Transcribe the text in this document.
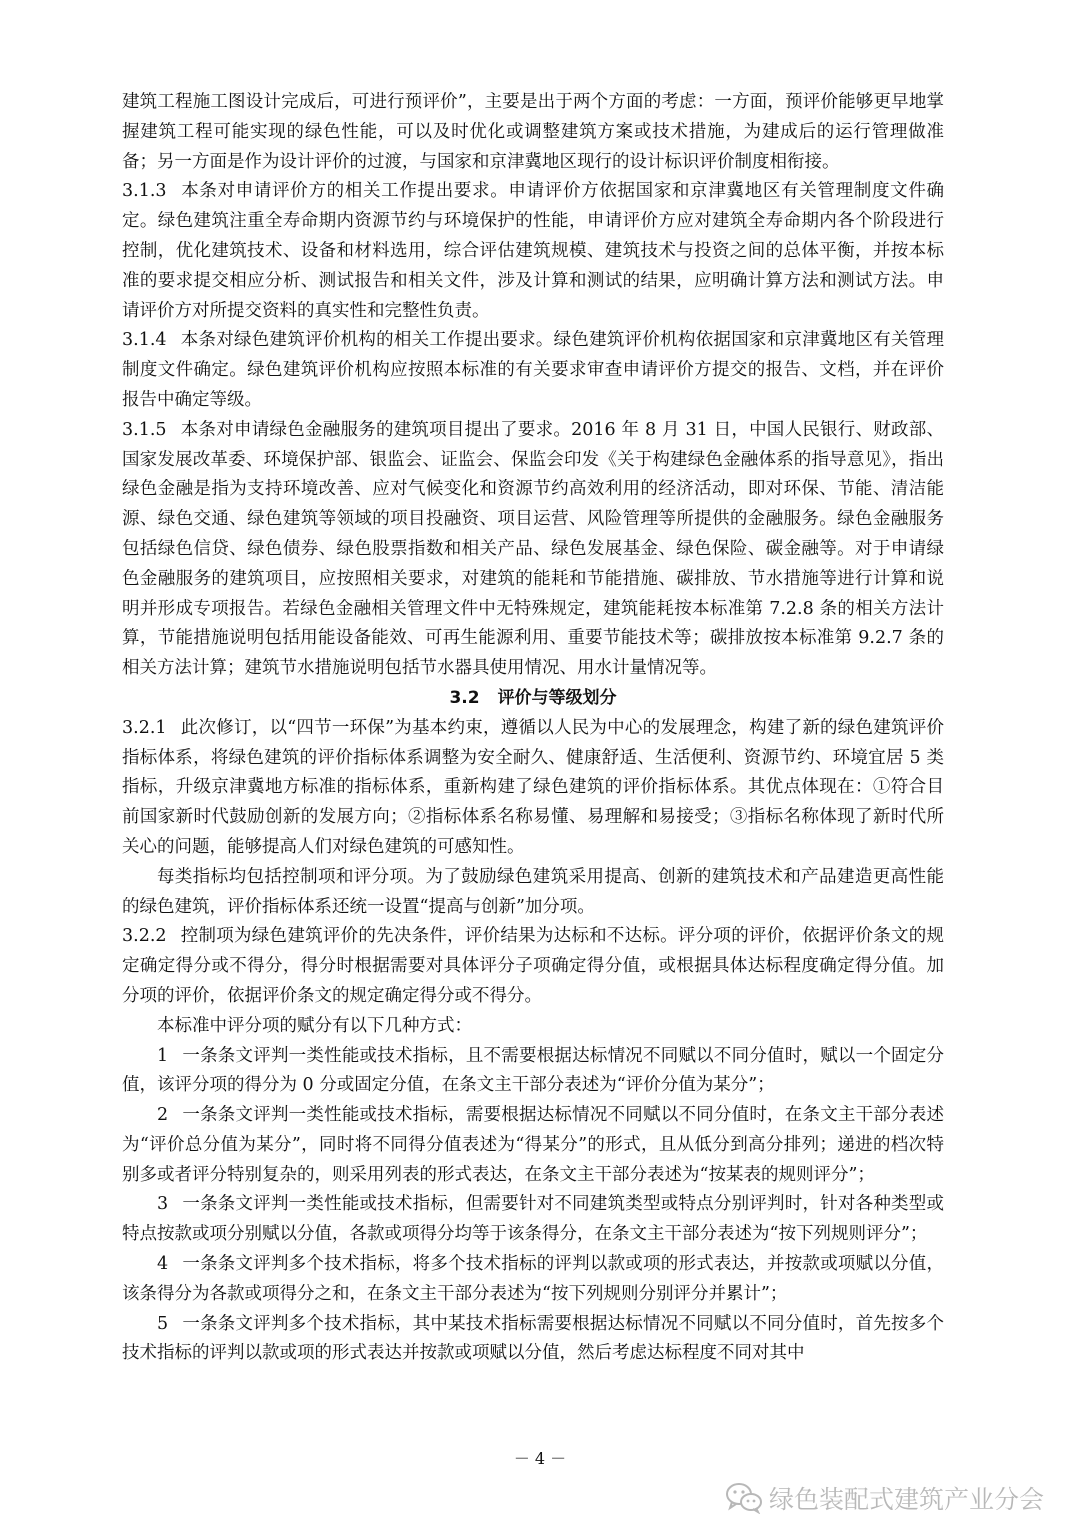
建筑工程施工图设计完成后，可进行预评价”，主要是出于两个方面的考虑：一方面，预评价能够更早地掌握建筑工程可能实现的绿色性能，可以及时优化或调整建筑方案或技术措施，为建成后的运行管理做准备；另一方面是作为设计评价的过渡，与国家和京津冀地区现行的设计标识评价制度相衔接。

3.1.3 本条对申请评价方的相关工作提出要求。申请评价方依据国家和京津冀地区有关管理制度文件确定。绿色建筑注重全寿命期内资源节约与环境保护的性能，申请评价方应对建筑全寿命期内各个阶段进行控制，优化建筑技术、设备和材料选用，综合评估建筑规模、建筑技术与投资之间的总体平衡，并按本标准的要求提交相应分析、测试报告和相关文件，涉及计算和测试的结果，应明确计算方法和测试方法。申请评价方对所提交资料的真实性和完整性负责。

3.1.4 本条对绿色建筑评价机构的相关工作提出要求。绿色建筑评价机构依据国家和京津冀地区有关管理制度文件确定。绿色建筑评价机构应按照本标准的有关要求审查申请评价方提交的报告、文档，并在评价报告中确定等级。

3.1.5 本条对申请绿色金融服务的建筑项目提出了要求。2016 年 8 月 31 日，中国人民银行、财政部、国家发展改革委、环境保护部、银监会、证监会、保监会印发《关于构建绿色金融体系的指导意见》，指出绿色金融是指为支持环境改善、应对气候变化和资源节约高效利用的经济活动，即对环保、节能、清洁能源、绿色交通、绿色建筑等领域的项目投融资、项目运营、风险管理等所提供的金融服务。绿色金融服务包括绿色信贷、绿色债券、绿色股票指数和相关产品、绿色发展基金、绿色保险、碳金融等。对于申请绿色金融服务的建筑项目，应按照相关要求，对建筑的能耗和节能措施、碳排放、节水措施等进行计算和说明并形成专项报告。若绿色金融相关管理文件中无特殊规定，建筑能耗按本标准第 7.2.8 条的相关方法计算，节能措施说明包括用能设备能效、可再生能源利用、重要节能技术等；碳排放按本标准第 9.2.7 条的相关方法计算；建筑节水措施说明包括节水器具使用情况、用水计量情况等。

3.2 评价与等级划分

3.2.1 此次修订，以“四节一环保”为基本约束，遵循以人民为中心的发展理念，构建了新的绿色建筑评价指标体系，将绿色建筑的评价指标体系调整为安全耐久、健康舒适、生活便利、资源节约、环境宜居 5 类指标，升级京津冀地方标准的指标体系，重新构建了绿色建筑的评价指标体系。其优点体现在：①符合目前国家新时代鼓励创新的发展方向；②指标体系名称易懂、易理解和易接受；③指标名称体现了新时代所关心的问题，能够提高人们对绿色建筑的可感知性。

每类指标均包括控制项和评分项。为了鼓励绿色建筑采用提高、创新的建筑技术和产品建造更高性能的绿色建筑，评价指标体系还统一设置“提高与创新”加分项。

3.2.2 控制项为绿色建筑评价的先决条件，评价结果为达标和不达标。评分项的评价，依据评价条文的规定确定得分或不得分，得分时根据需要对具体评分子项确定得分值，或根据具体达标程度确定得分值。加分项的评价，依据评价条文的规定确定得分或不得分。

本标准中评分项的赋分有以下几种方式：

1 一条条文评判一类性能或技术指标，且不需要根据达标情况不同赋以不同分值时，赋以一个固定分值，该评分项的得分为 0 分或固定分值，在条文主干部分表述为“评价分值为某分”；

2 一条条文评判一类性能或技术指标，需要根据达标情况不同赋以不同分值时，在条文主干部分表述为“评价总分值为某分”，同时将不同得分值表述为“得某分”的形式，且从低分到高分排列；递进的档次特别多或者评分特别复杂的，则采用列表的形式表达，在条文主干部分表述为“按某表的规则评分”；

3 一条条文评判一类性能或技术指标，但需要针对不同建筑类型或特点分别评判时，针对各种类型或特点按款或项分别赋以分值，各款或项得分均等于该条得分，在条文主干部分表述为“按下列规则评分”；

4 一条条文评判多个技术指标，将多个技术指标的评判以款或项的形式表达，并按款或项赋以分值，该条得分为各款或项得分之和，在条文主干部分表述为“按下列规则分别评分并累计”；

5 一条条文评判多个技术指标，其中某技术指标需要根据达标情况不同赋以不同分值时，首先按多个技术指标的评判以款或项的形式表达并按款或项赋以分值，然后考虑达标程度不同对其中

－ 4 －
绿色装配式建筑产业分会
